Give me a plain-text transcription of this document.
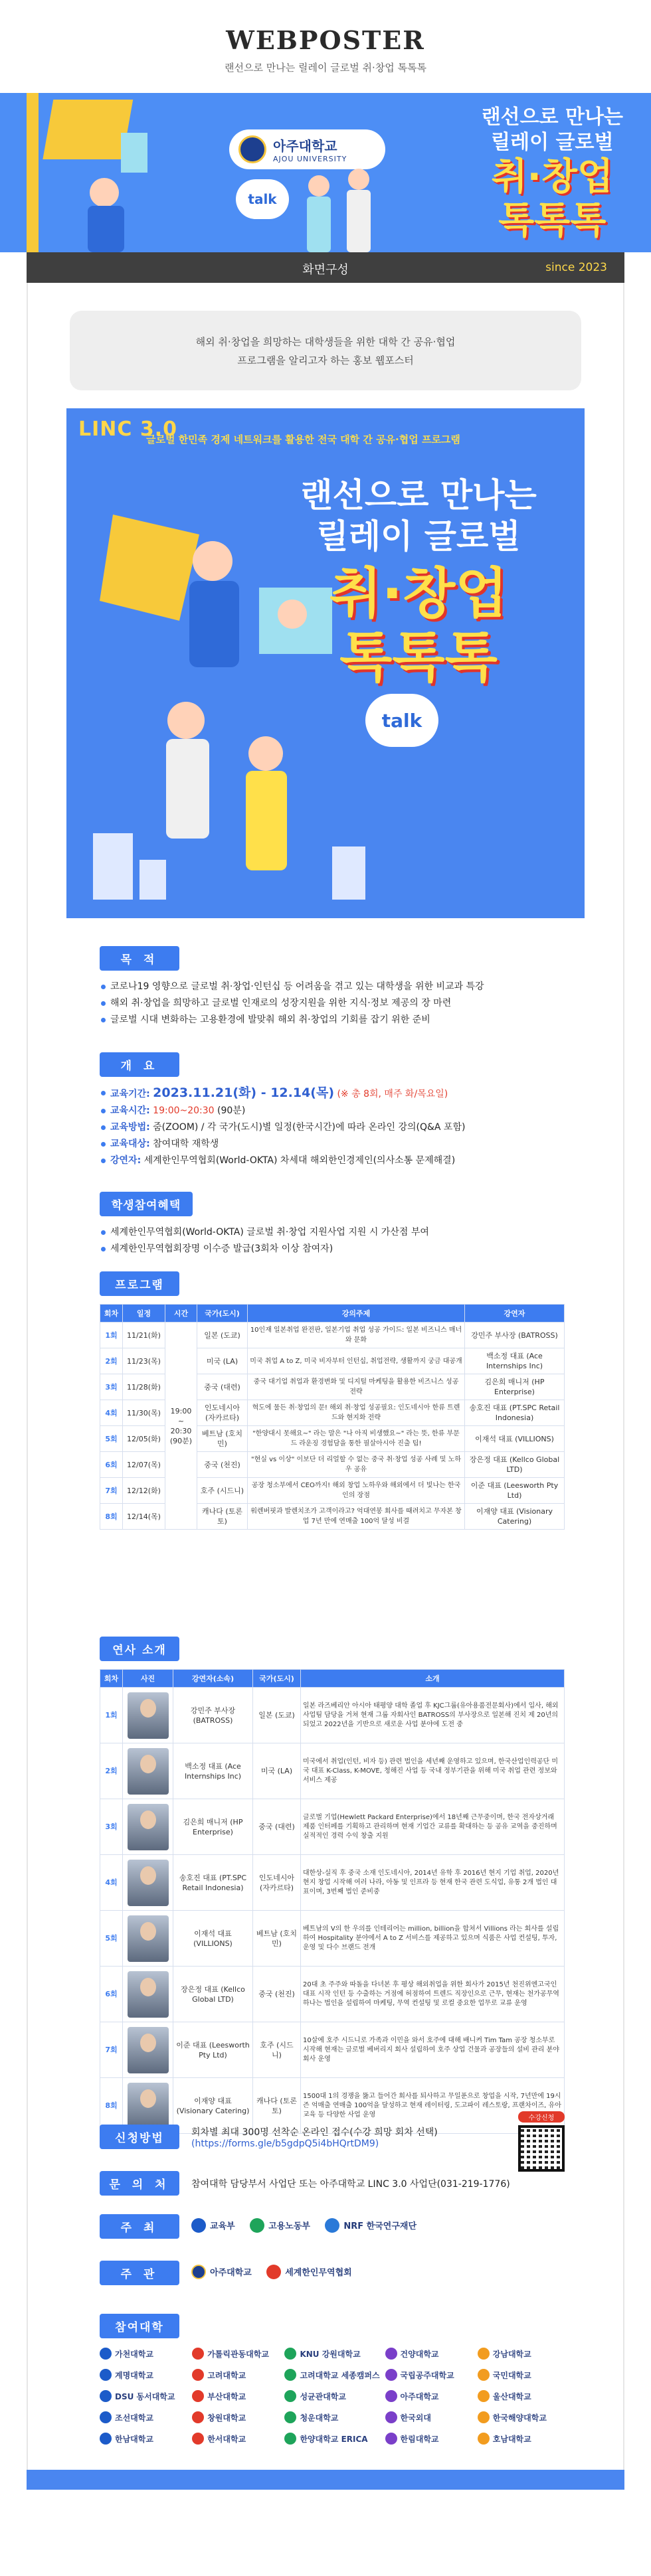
WEBPOSTER

랜선으로 만나는 릴레이 글로벌 취·창업 톡톡톡

아주대학교
AJOU UNIVERSITY
talk
랜선으로 만나는
릴레이 글로벌
취·창업
톡톡톡
화면구성	since 2023
해외 취·창업을 희망하는 대학생들을 위한 대학 간 공유·협업
프로그램을 알리고자 하는 홍보 웹포스터
LINC 3.0
글로벌 한민족 경제 네트워크를 활용한 전국 대학 간 공유·협업 프로그램
랜선으로 만나는
릴레이 글로벌
취·창업
톡톡톡
talk
목 적
코로나19 영향으로 글로벌 취·창업·인턴십 등 어려움을 겪고 있는 대학생을 위한 비교과 특강
해외 취·창업을 희망하고 글로벌 인재로의 성장지원을 위한 지식·정보 제공의 장 마련
글로벌 시대 변화하는 고용환경에 발맞춰 해외 취·창업의 기회를 잡기 위한 준비
개 요
교육기간: 2023.11.21(화) - 12.14(목) (※ 총 8회, 매주 화/목요일)
교육시간: 19:00~20:30 (90분)
교육방법: 줌(ZOOM) / 각 국가(도시)별 일정(한국시간)에 따라 온라인 강의(Q&A 포함)
교육대상: 참여대학 재학생
강연자: 세계한인무역협회(World-OKTA) 차세대 해외한인경제인(의사소통 문제해결)
학생참여혜택
세계한인무역협회(World-OKTA) 글로벌 취·창업 지원사업 지원 시 가산점 부여
세계한인무역협회장명 이수증 발급(3회차 이상 참여자)
프로그램
회차	일정	시간	국가(도시)	강의주제	강연자
1회	11/21(화)	19:00 ~ 20:30 (90분)	일본 (도쿄)	10인재 일본취업 완전판, 일본기업 취업 성공 가이드: 일본 비즈니스 매너와 문화	강민주 부사장 (BATROSS)
2회	11/23(목)		미국 (LA)	미국 취업 A to Z, 미국 비자부터 인턴십, 취업전략, 생활까지 궁금 대공개	백소정 대표 (Ace Internships Inc)
3회	11/28(화)		중국 (대련)	중국 대기업 취업과 환경변화 및 디지털 마케팅을 활용한 비즈니스 성공 전략	김은희 매니저 (HP Enterprise)
4회	11/30(목)		인도네시아 (자카르타)	혁도에 물든 취·창업의 문! 해외 취·창업 성공필요: 인도네시아 한류 트렌드와 현지화 전략	송호진 대표 (PT.SPC Retail Indonesia)
5회	12/05(화)		베트남 (호치민)	"한양대시 못해요~" 라는 말은 "나 아직 비생했요~" 라는 뜻, 한류 부문드 라운징 경험담을 통한 필살아시아 진출 팁!	이재석 대표 (VILLIONS)
6회	12/07(목)		중국 (천진)	"현실 vs 이상" 이보단 더 리얼할 수 없는 중국 취·창업 성공 사례 및 노하우 공유	장은정 대표 (Kellco Global LTD)
7회	12/12(화)		호주 (시드니)	공장 청소부에서 CEO까지! 해외 창업 노하우와 해외에서 더 빛나는 한국인의 장점	이준 대표 (Leesworth Pty Ltd)
8회	12/14(목)		캐나다 (토론토)	워렌버핏과 발렌치조가 고객이라고? 억대연봉 회사를 때려치고 무자본 창업 7년 만에 연매출 100억 달성 비결	이재양 대표 (Visionary Catering)
연사 소개
회차	사진	강연자(소속)	국가(도시)	소개
1회		강민주 부사장 (BATROSS)	일본 (도쿄)	일본 라즈베리안 아시아 태평양 대학 졸업 후 KJC그룹(유아용품전문회사)에서 입사, 해외사업팀 담당을 거쳐 현재 그룹 자회사인 BATROSS의 부사장으로 일본해 진치 제 20년의 되었고 2022년을 기반으로 새로운 사업 분야에 도전 중
2회		백소정 대표 (Ace Internships Inc)	미국 (LA)	미국에서 취업(인턴, 비자 등) 관련 법인을 세년째 운영하고 있으며, 한국산업인력공단 미국 대표 K-Class, K-MOVE, 청해진 사업 등 국내 정부기관을 위해 미국 취업 관련 정보와 서비스 제공
3회		김은희 매니저 (HP Enterprise)	중국 (대련)	글로벌 기업(Hewlett Packard Enterprise)에서 18년째 근무중이며, 한국 전자상거래 제품 인터페를 기획하고 관리하며 현재 기업간 교류를 확대하는 등 공유 교역을 중진하며 실적적인 경력 수익 창출 지원
4회		송호진 대표 (PT.SPC Retail Indonesia)	인도네시아 (자카르타)	대한상-실직 후 중국 소재 인도네시아, 2014년 유학 후 2016년 현지 기업 취업, 2020년 현지 창업 시작해 여러 나라, 아동 및 인프라 등 현재 한국 관련 도식업, 유통 2개 법인 대표이며, 3번째 법인 준비중
5회		이재석 대표 (VILLIONS)	베트남 (호치민)	베트남의 V의 한 우의를 인테리어는 million, billion을 합쳐서 Villions 라는 회사를 설립하여 Hospitality 분야에서 A to Z 서비스를 제공하고 있으며 식품은 사업 컨설팅, 투자, 운영 및 다수 브랜드 전개
6회		장은정 대표 (Kellco Global LTD)	중국 (천진)	20대 초 주주와 따돌을 다녀본 후 평상 해외취업을 위한 회사가 2015년 천진위엔고국인 대표 시작 인턴 등 수출하는 거점에 허점하여 트렌드 직장인으로 근무, 현재는 천가공무역 하나는 법인을 설립하여 마케팅, 무역 컨설팅 및 로컬 중요한 업무로 교류 운영
7회		이준 대표 (Leesworth Pty Ltd)	호주 (시드니)	10살에 호주 시드니로 가족과 이민을 와서 호주에 대해 배니켜 Tim Tam 공장 청소부로 시작해 현재는 글로벌 베버리지 회사 설립하여 호주 상업 건물과 공장들의 설비 관리 분야 회사 운영
8회		이재양 대표 (Visionary Catering)	캐나다 (토론토)	1500대 1의 경쟁을 뚫고 들어간 회사를 퇴사하고 무일푼으로 창업을 시작, 7년만에 19시즌 억매출 연매출 100억을 달성하고 현재 레이터링, 도고파이 레스토랑, 프랜차이즈, 유아교육 등 다양한 사업 운영
신청방법	회차별 최대 300명 선착순 온라인 접수(수강 희망 회차 선택)
(https://forms.gle/b5gdpQ5i4bHQrtDM9)
수강신청
문 의 처	참여대학 담당부서 사업단 또는 아주대학교 LINC 3.0 사업단(031-219-1776)
주 최	교육부
	고용노동부
	NRF 한국연구재단
주 관	아주대학교
	세계한인무역협회
참여대학
가천대학교	가톨릭관동대학교	KNU 강원대학교	건양대학교	강남대학교
계명대학교	고려대학교	고려대학교 세종캠퍼스	국립공주대학교	국민대학교
DSU 동서대학교	부산대학교	성균관대학교	아주대학교	울산대학교
조선대학교	창원대학교	청운대학교	한국외대	한국해양대학교
한남대학교	한서대학교	한양대학교 ERICA	한림대학교	호남대학교
